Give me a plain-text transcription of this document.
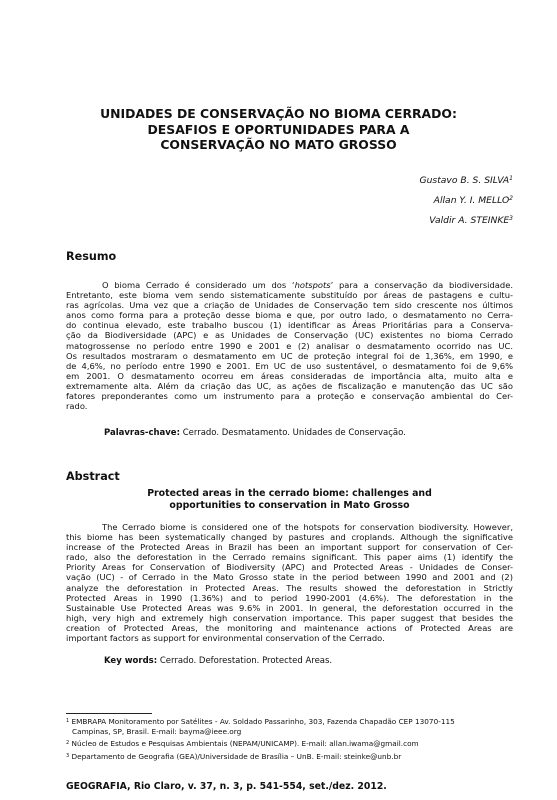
UNIDADES DE CONSERVAÇÃO NO BIOMA CERRADO:
DESAFIOS E OPORTUNIDADES PARA A
CONSERVAÇÃO NO MATO GROSSO
Gustavo B. S. SILVA$^1$
Allan Y. I. MELLO$^2$
Valdir A. STEINKE$^3$
Resumo
O bioma Cerrado é considerado um dos ‘hotspots’ para a conservação da biodiversidade.
Entretanto, este bioma vem sendo sistematicamente substituído por áreas de pastagens e cultu-
ras agrícolas. Uma vez que a criação de Unidades de Conservação tem sido crescente nos últimos
anos como forma para a proteção desse bioma e que, por outro lado, o desmatamento no Cerra-
do continua elevado, este trabalho buscou (1) identificar as Áreas Prioritárias para a Conserva-
ção da Biodiversidade (APC) e as Unidades de Conservação (UC) existentes no bioma Cerrado
matogrossense no período entre 1990 e 2001 e (2) analisar o desmatamento ocorrido nas UC.
Os resultados mostraram o desmatamento em UC de proteção integral foi de 1,36%, em 1990, e
de 4,6%, no período entre 1990 e 2001. Em UC de uso sustentável, o desmatamento foi de 9,6%
em 2001. O desmatamento ocorreu em áreas consideradas de importância alta, muito alta e
extremamente alta. Além da criação das UC, as ações de fiscalização e manutenção das UC são
fatores preponderantes como um instrumento para a proteção e conservação ambiental do Cer-
rado.
Palavras-chave: Cerrado. Desmatamento. Unidades de Conservação.
Abstract
Protected areas in the cerrado biome: challenges and
opportunities to conservation in Mato Grosso
The Cerrado biome is considered one of the hotspots for conservation biodiversity. However,
this biome has been systematically changed by pastures and croplands. Although the significative
increase of the Protected Areas in Brazil has been an important support for conservation of Cer-
rado, also the deforestation in the Cerrado remains significant. This paper aims (1) identify the
Priority Areas for Conservation of Biodiversity (APC) and Protected Areas - Unidades de Conser-
vação (UC) - of Cerrado in the Mato Grosso state in the period between 1990 and 2001 and (2)
analyze the deforestation in Protected Areas. The results showed the deforestation in Strictly
Protected Areas in 1990 (1.36%) and to period 1990-2001 (4.6%). The deforestation in the
Sustainable Use Protected Areas was 9.6% in 2001. In general, the deforestation occurred in the
high, very high and extremely high conservation importance. This paper suggest that besides the
creation of Protected Areas, the monitoring and maintenance actions of Protected Areas are
important factors as support for environmental conservation of the Cerrado.
Key words: Cerrado. Deforestation. Protected Areas.
$^1$ EMBRAPA Monitoramento por Satélites - Av. Soldado Passarinho, 303, Fazenda Chapadão CEP 13070-115
Campinas, SP, Brasil. E-mail: bayma@ieee.org
$^2$ Núcleo de Estudos e Pesquisas Ambientais (NEPAM/UNICAMP). E-mail: allan.iwama@gmail.com
$^3$ Departamento de Geografia (GEA)/Universidade de Brasília – UnB. E-mail: steinke@unb.br
GEOGRAFIA, Rio Claro, v. 37, n. 3, p. 541-554, set./dez. 2012.
